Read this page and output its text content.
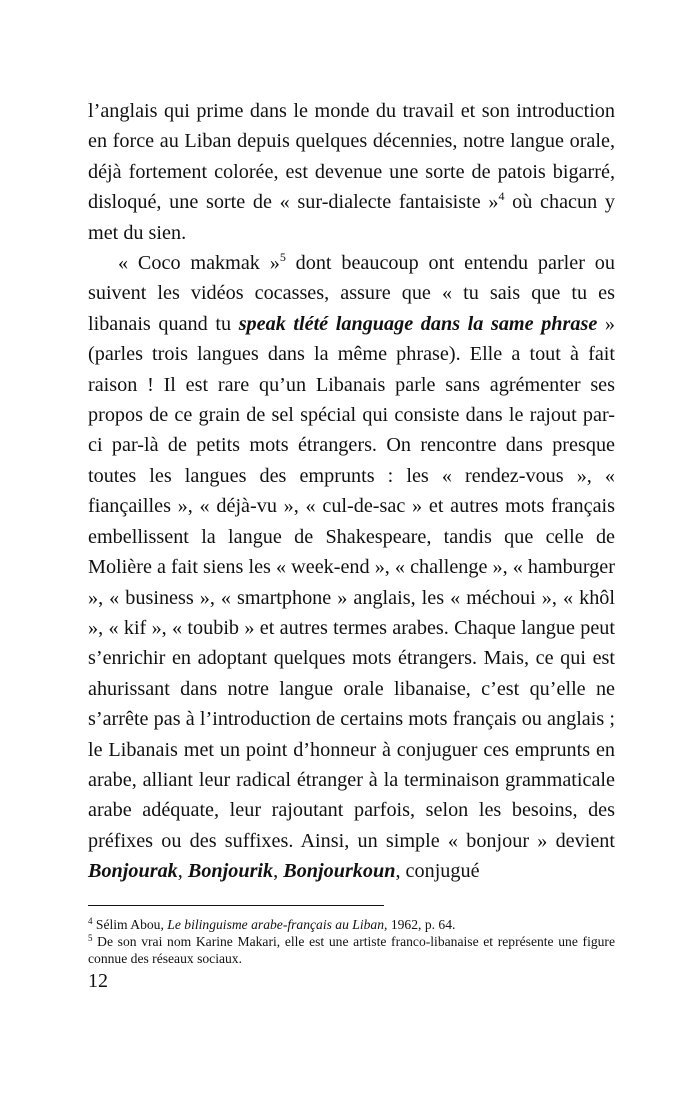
l’anglais qui prime dans le monde du travail et son introduction en force au Liban depuis quelques décennies, notre langue orale, déjà fortement colorée, est devenue une sorte de patois bigarré, disloqué, une sorte de « sur-dialecte fantaisiste »$^4$ où chacun y met du sien.

« Coco makmak »$^5$ dont beaucoup ont entendu parler ou suivent les vidéos cocasses, assure que « tu sais que tu es libanais quand tu speak tlété language dans la same phrase » (parles trois langues dans la même phrase). Elle a tout à fait raison ! Il est rare qu’un Libanais parle sans agrémenter ses propos de ce grain de sel spécial qui consiste dans le rajout par-ci par-là de petits mots étrangers. On rencontre dans presque toutes les langues des emprunts : les « rendez-vous », « fiançailles », « déjà-vu », « cul-de-sac » et autres mots français embellissent la langue de Shakespeare, tandis que celle de Molière a fait siens les « week-end », « challenge », « hamburger », « business », « smartphone » anglais, les « méchoui », « khôl », « kif », « toubib » et autres termes arabes. Chaque langue peut s’enrichir en adoptant quelques mots étrangers. Mais, ce qui est ahurissant dans notre langue orale libanaise, c’est qu’elle ne s’arrête pas à l’introduction de certains mots français ou anglais ; le Libanais met un point d’honneur à conjuguer ces emprunts en arabe, alliant leur radical étranger à la terminaison grammaticale arabe adéquate, leur rajoutant parfois, selon les besoins, des préfixes ou des suffixes. Ainsi, un simple « bonjour » devient Bonjourak, Bonjourik, Bonjourkoun, conjugué

$^4$ Sélim Abou, Le bilinguisme arabe-français au Liban, 1962, p. 64.

$^5$ De son vrai nom Karine Makari, elle est une artiste franco-libanaise et représente une figure connue des réseaux sociaux.

12
